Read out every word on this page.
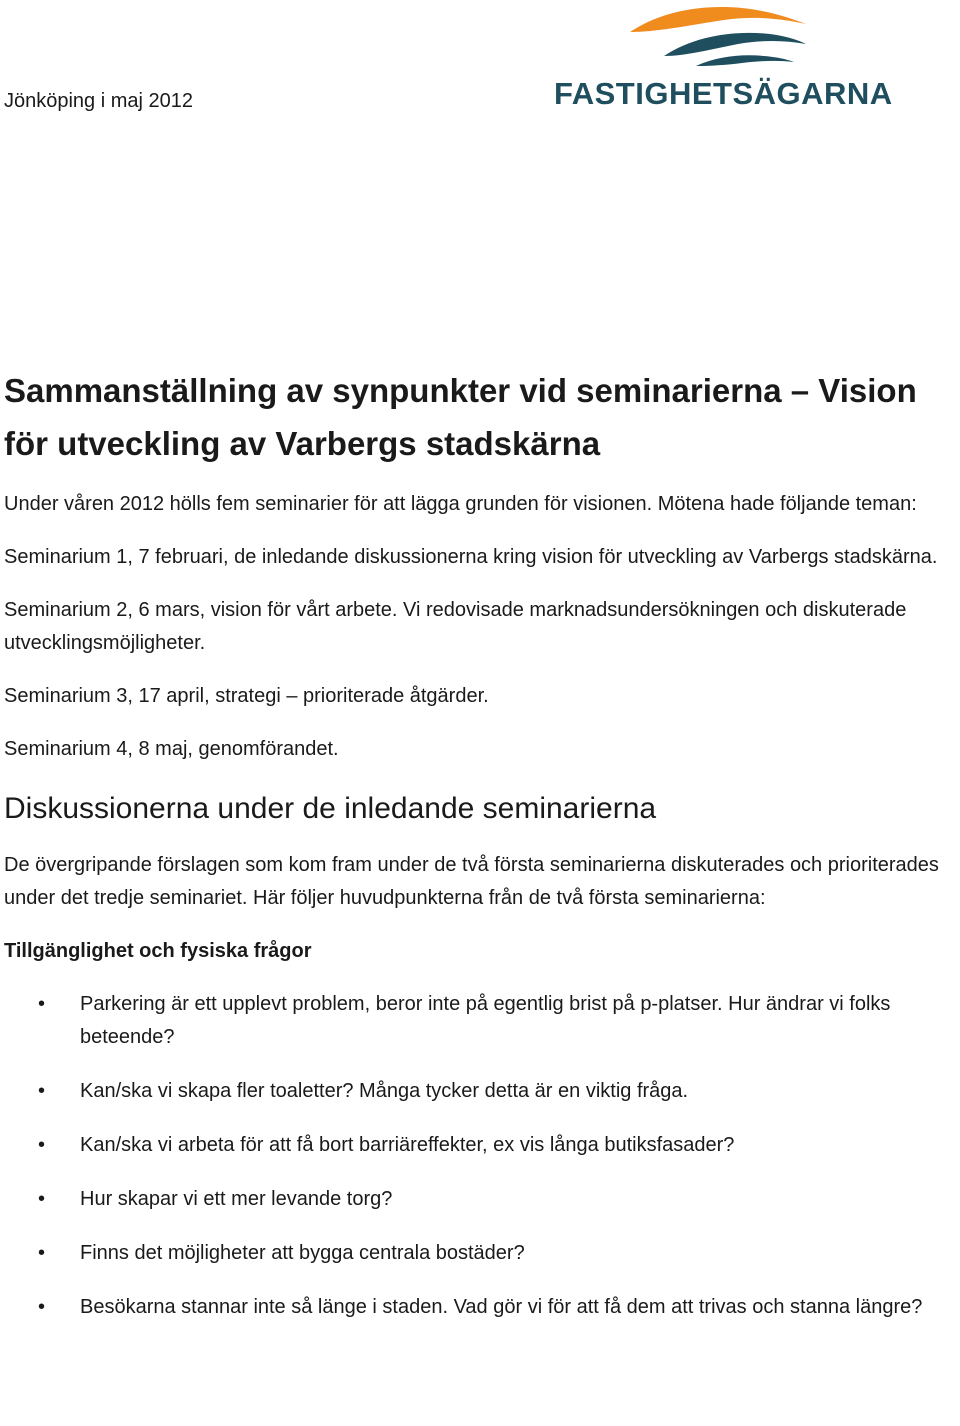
Jönköping i maj 2012	FASTIGHETSÄGARNA
Sammanställning av synpunkter vid seminarierna – Vision för utveckling av Varbergs stadskärna

Under våren 2012 hölls fem seminarier för att lägga grunden för visionen. Mötena hade följande teman:

Seminarium 1, 7 februari, de inledande diskussionerna kring vision för utveckling av Varbergs stadskärna.

Seminarium 2, 6 mars, vision för vårt arbete. Vi redovisade marknadsundersökningen och diskuterade utvecklingsmöjligheter.

Seminarium 3, 17 april, strategi – prioriterade åtgärder.

Seminarium 4, 8 maj, genomförandet.

Diskussionerna under de inledande seminarierna

De övergripande förslagen som kom fram under de två första seminarierna diskuterades och prioriterades under det tredje seminariet. Här följer huvudpunkterna från de två första seminarierna:

Tillgänglighet och fysiska frågor
• Parkering är ett upplevt problem, beror inte på egentlig brist på p-platser. Hur ändrar vi folks beteende?
• Kan/ska vi skapa fler toaletter? Många tycker detta är en viktig fråga.
• Kan/ska vi arbeta för att få bort barriäreffekter, ex vis långa butiksfasader?
• Hur skapar vi ett mer levande torg?
• Finns det möjligheter att bygga centrala bostäder?
• Besökarna stannar inte så länge i staden. Vad gör vi för att få dem att trivas och stanna längre?
